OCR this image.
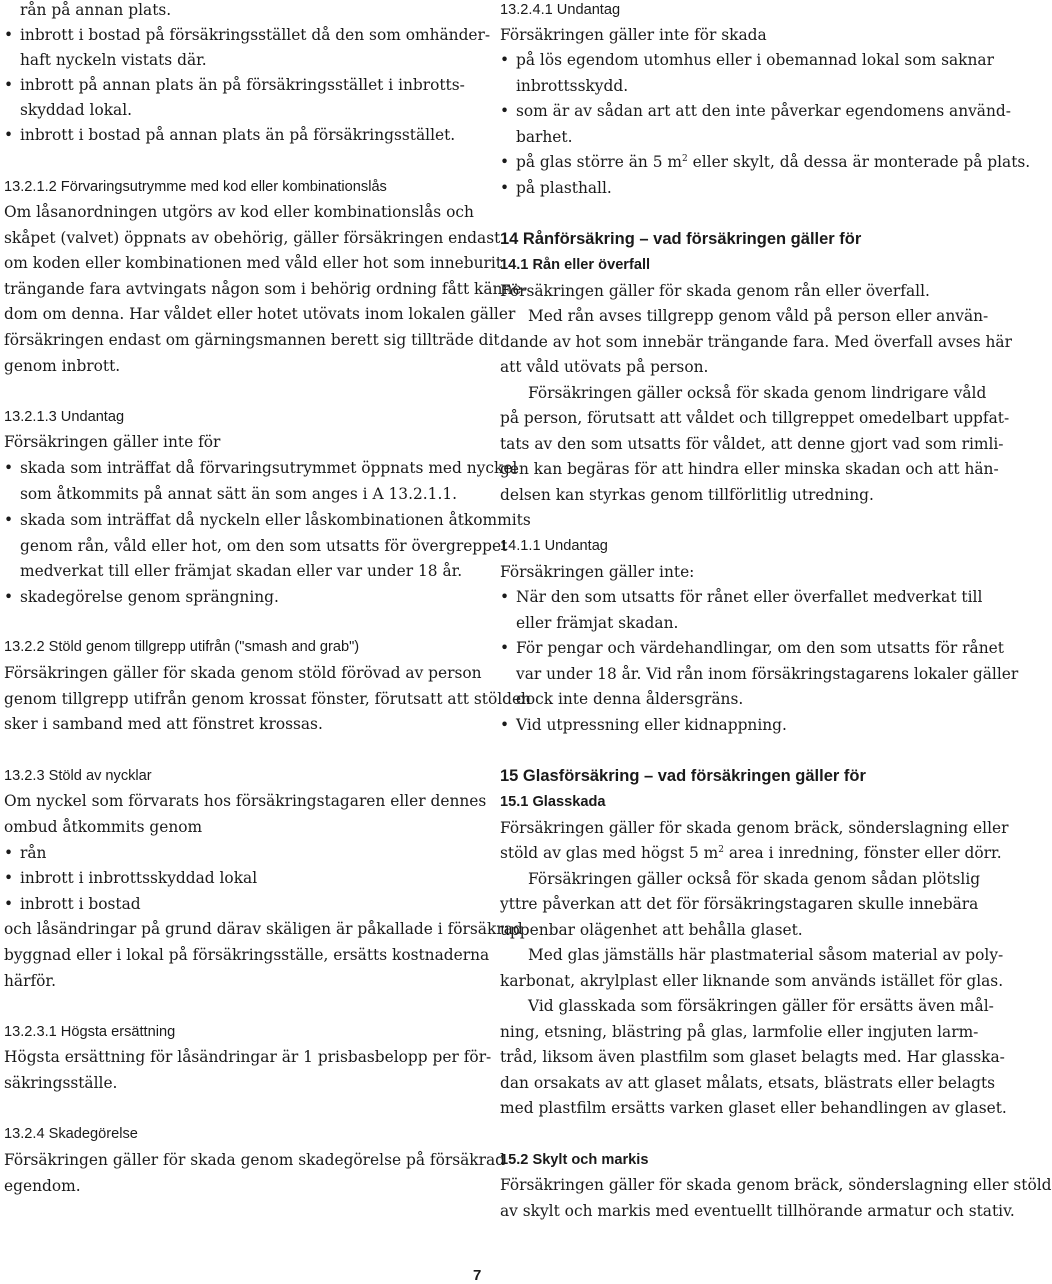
rån på annan plats.
• inbrott i bostad på försäkringsstället då den som omhänder-
haft nyckeln vistats där.
• inbrott på annan plats än på försäkringsstället i inbrotts-
skyddad lokal.
• inbrott i bostad på annan plats än på försäkringsstället.
13.2.1.2 Förvaringsutrymme med kod eller kombinationslås
Om låsanordningen utgörs av kod eller kombinationslås och
skåpet (valvet) öppnats av obehörig, gäller försäkringen endast
om koden eller kombinationen med våld eller hot som inneburit
trängande fara avtvingats någon som i behörig ordning fått känne-
dom om denna. Har våldet eller hotet utövats inom lokalen gäller
försäkringen endast om gärningsmannen berett sig tillträde dit
genom inbrott.
13.2.1.3 Undantag
Försäkringen gäller inte för
• skada som inträffat då förvaringsutrymmet öppnats med nyckel
som åtkommits på annat sätt än som anges i A 13.2.1.1.
• skada som inträffat då nyckeln eller låskombinationen åtkommits
genom rån, våld eller hot, om den som utsatts för övergreppet
medverkat till eller främjat skadan eller var under 18 år.
• skadegörelse genom sprängning.
13.2.2 Stöld genom tillgrepp utifrån ("smash and grab")
Försäkringen gäller för skada genom stöld förövad av person
genom tillgrepp utifrån genom krossat fönster, förutsatt att stölden
sker i samband med att fönstret krossas.
13.2.3 Stöld av nycklar
Om nyckel som förvarats hos försäkringstagaren eller dennes
ombud åtkommits genom
• rån
• inbrott i inbrottsskyddad lokal
• inbrott i bostad
och låsändringar på grund därav skäligen är påkallade i försäkrad
byggnad eller i lokal på försäkringsställe, ersätts kostnaderna
härför.
13.2.3.1 Högsta ersättning
Högsta ersättning för låsändringar är 1 prisbasbelopp per för-
säkringsställe.
13.2.4 Skadegörelse
Försäkringen gäller för skada genom skadegörelse på försäkrad
egendom.
13.2.4.1 Undantag
Försäkringen gäller inte för skada
• på lös egendom utomhus eller i obemannad lokal som saknar
inbrottsskydd.
• som är av sådan art att den inte påverkar egendomens använd-
barhet.
• på glas större än 5 $m^2$ eller skylt, då dessa är monterade på plats.
• på plasthall.
14 Rånförsäkring – vad försäkringen gäller för
14.1 Rån eller överfall
Försäkringen gäller för skada genom rån eller överfall.
Med rån avses tillgrepp genom våld på person eller använ-
dande av hot som innebär trängande fara. Med överfall avses här
att våld utövats på person.
Försäkringen gäller också för skada genom lindrigare våld
på person, förutsatt att våldet och tillgreppet omedelbart uppfat-
tats av den som utsatts för våldet, att denne gjort vad som rimli-
gen kan begäras för att hindra eller minska skadan och att hän-
delsen kan styrkas genom tillförlitlig utredning.
14.1.1 Undantag
Försäkringen gäller inte:
• När den som utsatts för rånet eller överfallet medverkat till
eller främjat skadan.
• För pengar och värdehandlingar, om den som utsatts för rånet
var under 18 år. Vid rån inom försäkringstagarens lokaler gäller
dock inte denna åldersgräns.
• Vid utpressning eller kidnappning.
15 Glasförsäkring – vad försäkringen gäller för
15.1 Glasskada
Försäkringen gäller för skada genom bräck, sönderslagning eller
stöld av glas med högst 5 $m^2$ area i inredning, fönster eller dörr.
Försäkringen gäller också för skada genom sådan plötslig
yttre påverkan att det för försäkringstagaren skulle innebära
uppenbar olägenhet att behålla glaset.
Med glas jämställs här plastmaterial såsom material av poly-
karbonat, akrylplast eller liknande som används istället för glas.
Vid glasskada som försäkringen gäller för ersätts även mål-
ning, etsning, blästring på glas, larmfolie eller ingjuten larm-
tråd, liksom även plastfilm som glaset belagts med. Har glasska-
dan orsakats av att glaset målats, etsats, blästrats eller belagts
med plastfilm ersätts varken glaset eller behandlingen av glaset.
15.2 Skylt och markis
Försäkringen gäller för skada genom bräck, sönderslagning eller stöld
av skylt och markis med eventuellt tillhörande armatur och stativ.
7
